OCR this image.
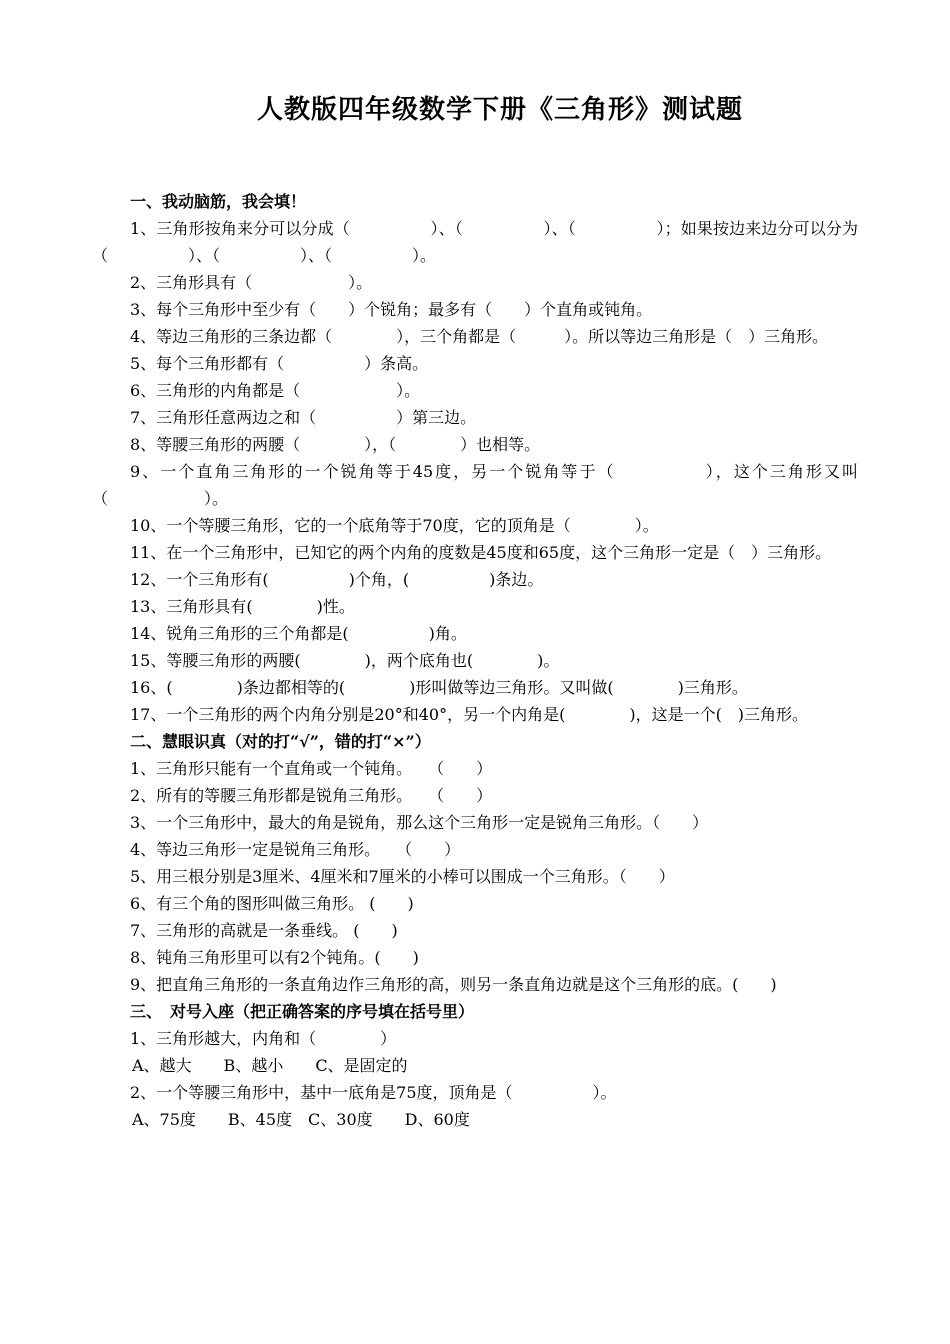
人教版四年级数学下册《三角形》测试题
一、我动脑筋，我会填！
1、三角形按角来分可以分成（　　　　　）、（　　　　　）、（　　　　　）；如果按边来边分可以分为（　　　　　）、（　　　　　）、（　　　　　）。
2、三角形具有（　　　　　　）。
3、每个三角形中至少有（　　）个锐角；最多有（　　）个直角或钝角。
4、等边三角形的三条边都（　　　　），三个角都是（　　　）。所以等边三角形是（　）三角形。
5、每个三角形都有（　　　　　）条高。
6、三角形的内角都是（　　　　　　）。
7、三角形任意两边之和（　　　　　）第三边。
8、等腰三角形的两腰（　　　　），（　　　　）也相等。
9、一个直角三角形的一个锐角等于45度，另一个锐角等于（　　　　　），这个三角形又叫（　　　　　　）。
10、一个等腰三角形，它的一个底角等于70度，它的顶角是（　　　　）。
11、在一个三角形中，已知它的两个内角的度数是45度和65度，这个三角形一定是（　）三角形。
12、一个三角形有(　　　　　)个角，(　　　　　)条边。
13、三角形具有(　　　　)性。
14、锐角三角形的三个角都是(　　　　　)角。
15、等腰三角形的两腰(　　　　)，两个底角也(　　　　)。
16、(　　　　)条边都相等的(　　　　)形叫做等边三角形。又叫做(　　　　)三角形。
17、一个三角形的两个内角分别是20°和40°，另一个内角是(　　　　)，这是一个(　)三角形。
二、慧眼识真（对的打“√”，错的打“×”）
1、三角形只能有一个直角或一个钝角。　　（　　）
2、所有的等腰三角形都是锐角三角形。　　（　　）
3、一个三角形中，最大的角是锐角，那么这个三角形一定是锐角三角形。（　　）
4、等边三角形一定是锐角三角形。　　（　　）
5、用三根分别是3厘米、4厘米和7厘米的小棒可以围成一个三角形。（　　）
6、有三个角的图形叫做三角形。 (　　)
7、三角形的高就是一条垂线。 (　　)
8、钝角三角形里可以有2个钝角。(　　)
9、把直角三角形的一条直角边作三角形的高，则另一条直角边就是这个三角形的底。(　　)
三、　对号入座（把正确答案的序号填在括号里）
1、三角形越大，内角和（　　　　）
A、越大　　B、越小　　C、是固定的
2、一个等腰三角形中，基中一底角是75度，顶角是（　　　　　）。
A、75度　　B、45度　C、30度　　D、60度
